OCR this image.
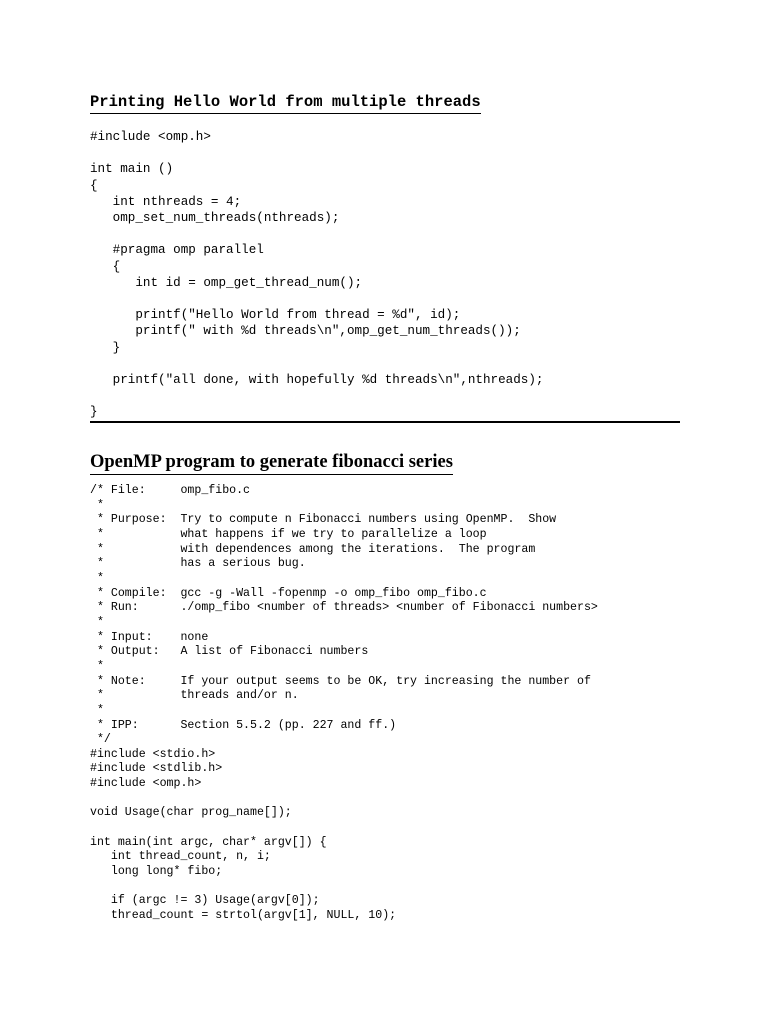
Printing Hello World from multiple threads
#include <omp.h>

int main ()
{
int nthreads = 4;
omp_set_num_threads(nthreads);

#pragma omp parallel
{
int id = omp_get_thread_num();

printf("Hello World from thread = %d", id);
printf(" with %d threads\n",omp_get_num_threads());
}

printf("all done, with hopefully %d threads\n",nthreads);

}
OpenMP program to generate fibonacci series
/* File:     omp_fibo.c
*
* Purpose:  Try to compute n Fibonacci numbers using OpenMP.  Show
*           what happens if we try to parallelize a loop
*           with dependences among the iterations.  The program
*           has a serious bug.
*
* Compile:  gcc -g -Wall -fopenmp -o omp_fibo omp_fibo.c
* Run:      ./omp_fibo <number of threads> <number of Fibonacci numbers>
*
* Input:    none
* Output:   A list of Fibonacci numbers
*
* Note:     If your output seems to be OK, try increasing the number of
*           threads and/or n.
*
* IPP:      Section 5.5.2 (pp. 227 and ff.)
*/
#include <stdio.h>
#include <stdlib.h>
#include <omp.h>

void Usage(char prog_name[]);

int main(int argc, char* argv[]) {
int thread_count, n, i;
long long* fibo;

if (argc != 3) Usage(argv[0]);
thread_count = strtol(argv[1], NULL, 10);
